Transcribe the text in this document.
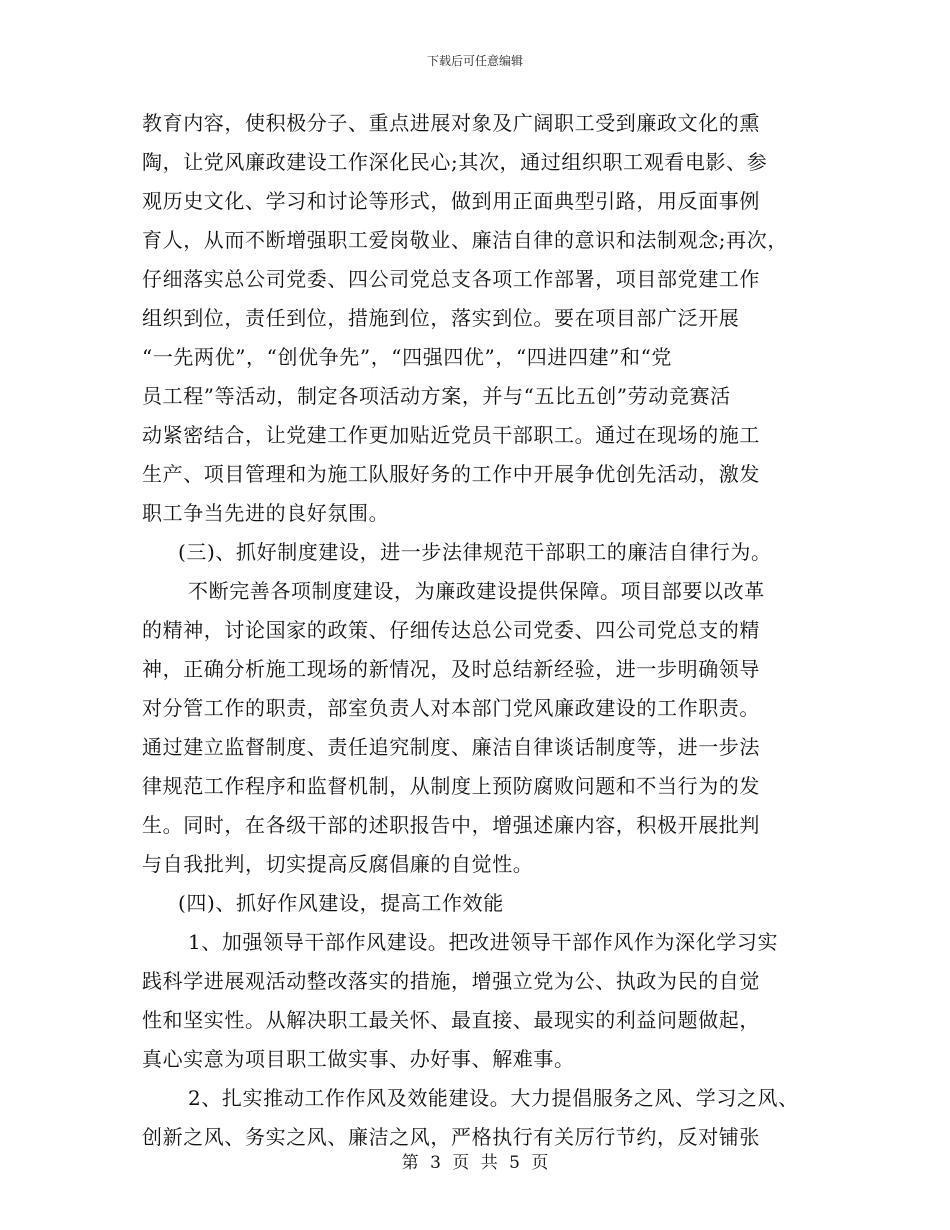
下载后可任意编辑
教育内容，使积极分子、重点进展对象及广阔职工受到廉政文化的熏
陶，让党风廉政建设工作深化民心;其次，通过组织职工观看电影、参
观历史文化、学习和讨论等形式，做到用正面典型引路，用反面事例
育人，从而不断增强职工爱岗敬业、廉洁自律的意识和法制观念;再次，
仔细落实总公司党委、四公司党总支各项工作部署，项目部党建工作
组织到位，责任到位，措施到位，落实到位。要在项目部广泛开展
“一先两优”，“创优争先”，“四强四优”，“四进四建”和“党
员工程”等活动，制定各项活动方案，并与“五比五创”劳动竞赛活
动紧密结合，让党建工作更加贴近党员干部职工。通过在现场的施工
生产、项目管理和为施工队服好务的工作中开展争优创先活动，激发
职工争当先进的良好氛围。
(三)、抓好制度建设，进一步法律规范干部职工的廉洁自律行为。
不断完善各项制度建设，为廉政建设提供保障。项目部要以改革
的精神，讨论国家的政策、仔细传达总公司党委、四公司党总支的精
神，正确分析施工现场的新情况，及时总结新经验，进一步明确领导
对分管工作的职责，部室负责人对本部门党风廉政建设的工作职责。
通过建立监督制度、责任追究制度、廉洁自律谈话制度等，进一步法
律规范工作程序和监督机制，从制度上预防腐败问题和不当行为的发
生。同时，在各级干部的述职报告中，增强述廉内容，积极开展批判
与自我批判，切实提高反腐倡廉的自觉性。
(四)、抓好作风建设，提高工作效能
1、加强领导干部作风建设。把改进领导干部作风作为深化学习实
践科学进展观活动整改落实的措施，增强立党为公、执政为民的自觉
性和坚实性。从解决职工最关怀、最直接、最现实的利益问题做起，
真心实意为项目职工做实事、办好事、解难事。
2、扎实推动工作作风及效能建设。大力提倡服务之风、学习之风、
创新之风、务实之风、廉洁之风，严格执行有关厉行节约，反对铺张
第 3 页 共 5 页
